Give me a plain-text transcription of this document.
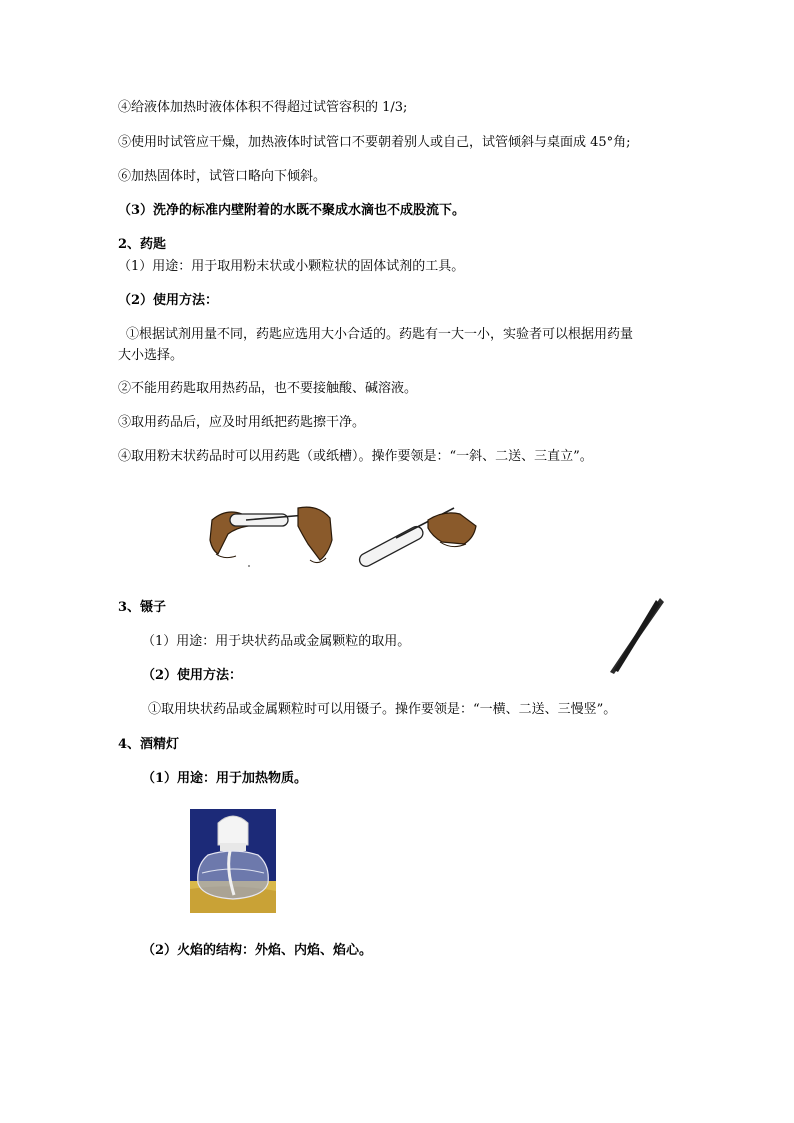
④给液体加热时液体体积不得超过试管容积的 1/3;
⑤使用时试管应干燥，加热液体时试管口不要朝着别人或自己，试管倾斜与桌面成 45°角;
⑥加热固体时，试管口略向下倾斜。
（3）洗净的标准内壁附着的水既不聚成水滴也不成股流下。
2、药匙
（1）用途：用于取用粉末状或小颗粒状的固体试剂的工具。
（2）使用方法：
①根据试剂用量不同，药匙应选用大小合适的。药匙有一大一小，实验者可以根据用药量
大小选择。
②不能用药匙取用热药品，也不要接触酸、碱溶液。
③取用药品后，应及时用纸把药匙擦干净。
④取用粉末状药品时可以用药匙（或纸槽）。操作要领是：“一斜、二送、三直立”。
3、镊子
（1）用途：用于块状药品或金属颗粒的取用。
（2）使用方法：
①取用块状药品或金属颗粒时可以用镊子。操作要领是：“一横、二送、三慢竖”。
4、酒精灯
（1）用途：用于加热物质。
（2）火焰的结构：外焰、内焰、焰心。
